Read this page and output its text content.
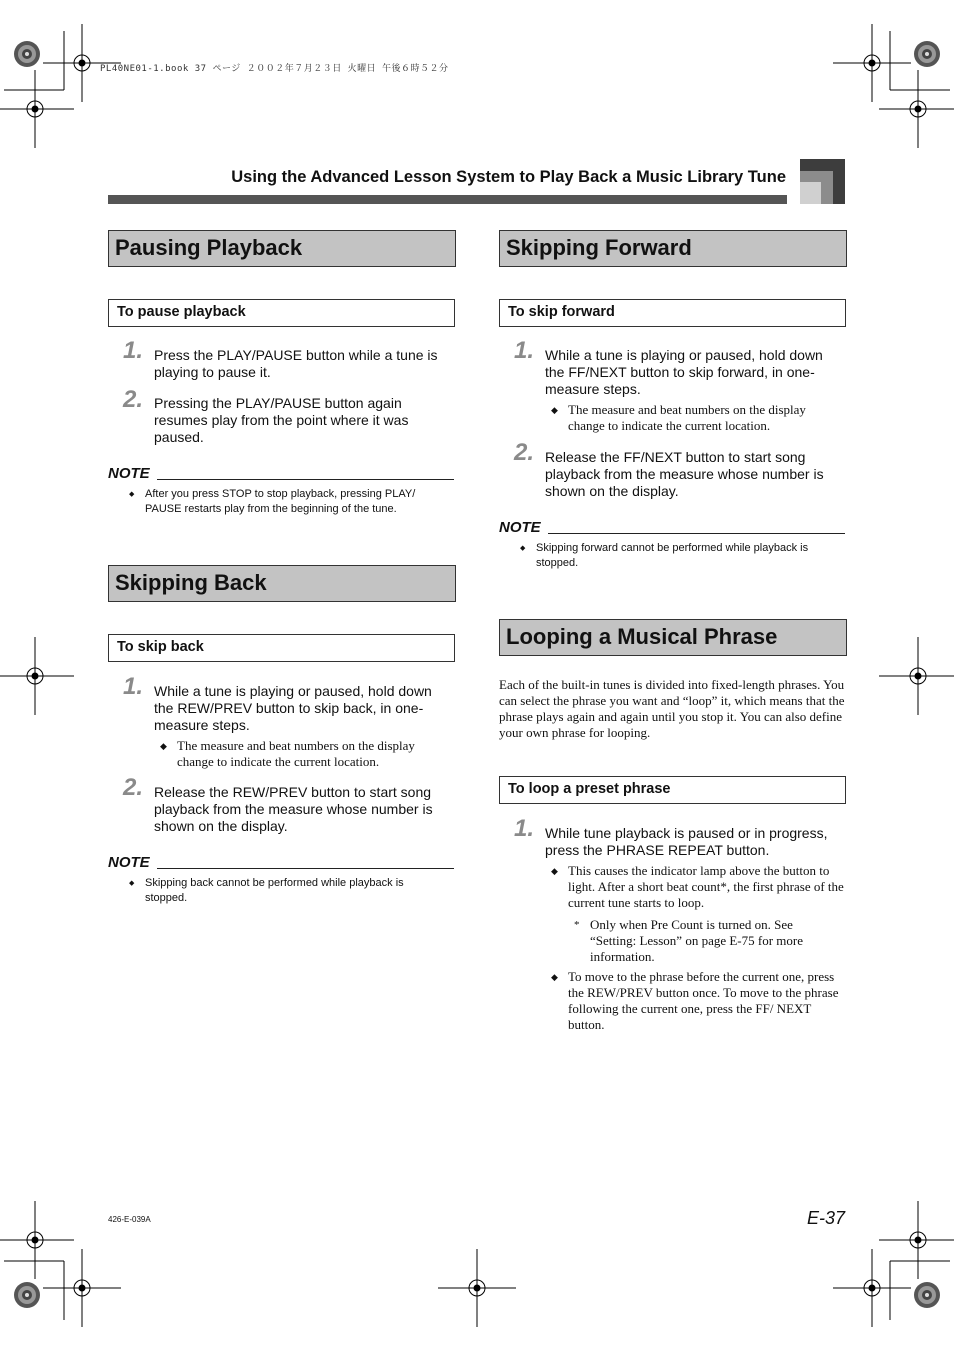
PL40NE01-1.book 37 ページ ２００２年７月２３日 火曜日 午後６時５２分
Using the Advanced Lesson System to Play Back a Music Library Tune
Pausing Playback
To pause playback
1. Press the PLAY/PAUSE button while a tune is playing to pause it.
2. Pressing the PLAY/PAUSE button again resumes play from the point where it was paused.
NOTE
◆ After you press STOP to stop playback, pressing PLAY/ PAUSE restarts play from the beginning of the tune.
Skipping Back
To skip back
1. While a tune is playing or paused, hold down the REW/PREV button to skip back, in one-measure steps.
◆ The measure and beat numbers on the display change to indicate the current location.
2. Release the REW/PREV button to start song playback from the measure whose number is shown on the display.
NOTE
◆ Skipping back cannot be performed while playback is stopped.
Skipping Forward
To skip forward
1. While a tune is playing or paused, hold down the FF/NEXT button to skip forward, in one-measure steps.
◆ The measure and beat numbers on the display change to indicate the current location.
2. Release the FF/NEXT button to start song playback from the measure whose number is shown on the display.
NOTE
◆ Skipping forward cannot be performed while playback is stopped.
Looping a Musical Phrase
Each of the built-in tunes is divided into fixed-length phrases. You can select the phrase you want and “loop” it, which means that the phrase plays again and again until you stop it. You can also define your own phrase for looping.
To loop a preset phrase
1. While tune playback is paused or in progress, press the PHRASE REPEAT button.
◆ This causes the indicator lamp above the button to light. After a short beat count*, the first phrase of the current tune starts to loop.
* Only when Pre Count is turned on. See “Setting: Lesson” on page E-75 for more information.
◆ To move to the phrase before the current one, press the REW/PREV button once. To move to the phrase following the current one, press the FF/ NEXT button.
426-E-039A	E-37
